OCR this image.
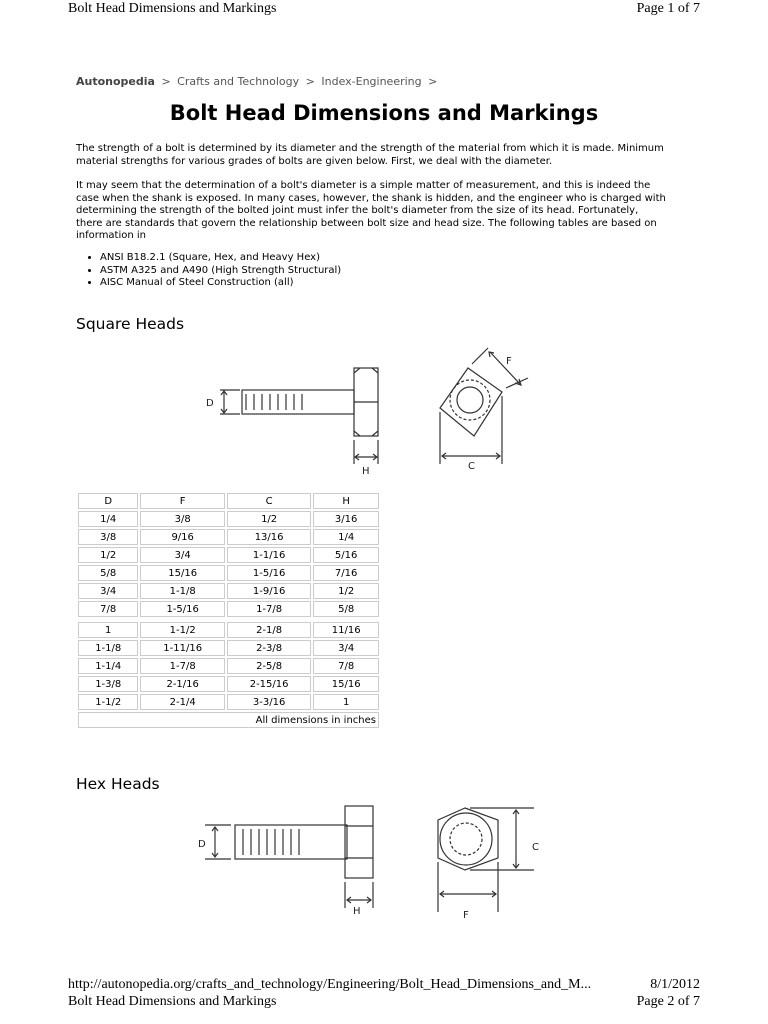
Bolt Head Dimensions and Markings	Page 1 of 7
Autonopedia > Crafts and Technology > Index-Engineering >
Bolt Head Dimensions and Markings

The strength of a bolt is determined by its diameter and the strength of the material from which it is made. Minimum material strengths for various grades of bolts are given below. First, we deal with the diameter.

It may seem that the determination of a bolt's diameter is a simple matter of measurement, and this is indeed the case when the shank is exposed. In many cases, however, the shank is hidden, and the engineer who is charged with determining the strength of the bolted joint must infer the bolt's diameter from the size of its head. Fortunately, there are standards that govern the relationship between bolt size and head size. The following tables are based on information in

• ANSI B18.2.1 (Square, Hex, and Heavy Hex)
• ASTM A325 and A490 (High Strength Structural)
• AISC Manual of Steel Construction (all)
Square Heads
D
H
F
C
D	F	C	H
1/4	3/8	1/2	3/16
3/8	9/16	13/16	1/4
1/2	3/4	1-1/16	5/16
5/8	15/16	1-5/16	7/16
3/4	1-1/8	1-9/16	1/2
7/8	1-5/16	1-7/8	5/8

1	1-1/2	2-1/8	11/16
1-1/8	1-11/16	2-3/8	3/4
1-1/4	1-7/8	2-5/8	7/8
1-3/8	2-1/16	2-15/16	15/16
1-1/2	2-1/4	3-3/16	1
All dimensions in inches			
Hex Heads
D
H
C
F
http://autonopedia.org/crafts_and_technology/Engineering/Bolt_Head_Dimensions_and_M...	8/1/2012
Bolt Head Dimensions and Markings	Page 2 of 7
